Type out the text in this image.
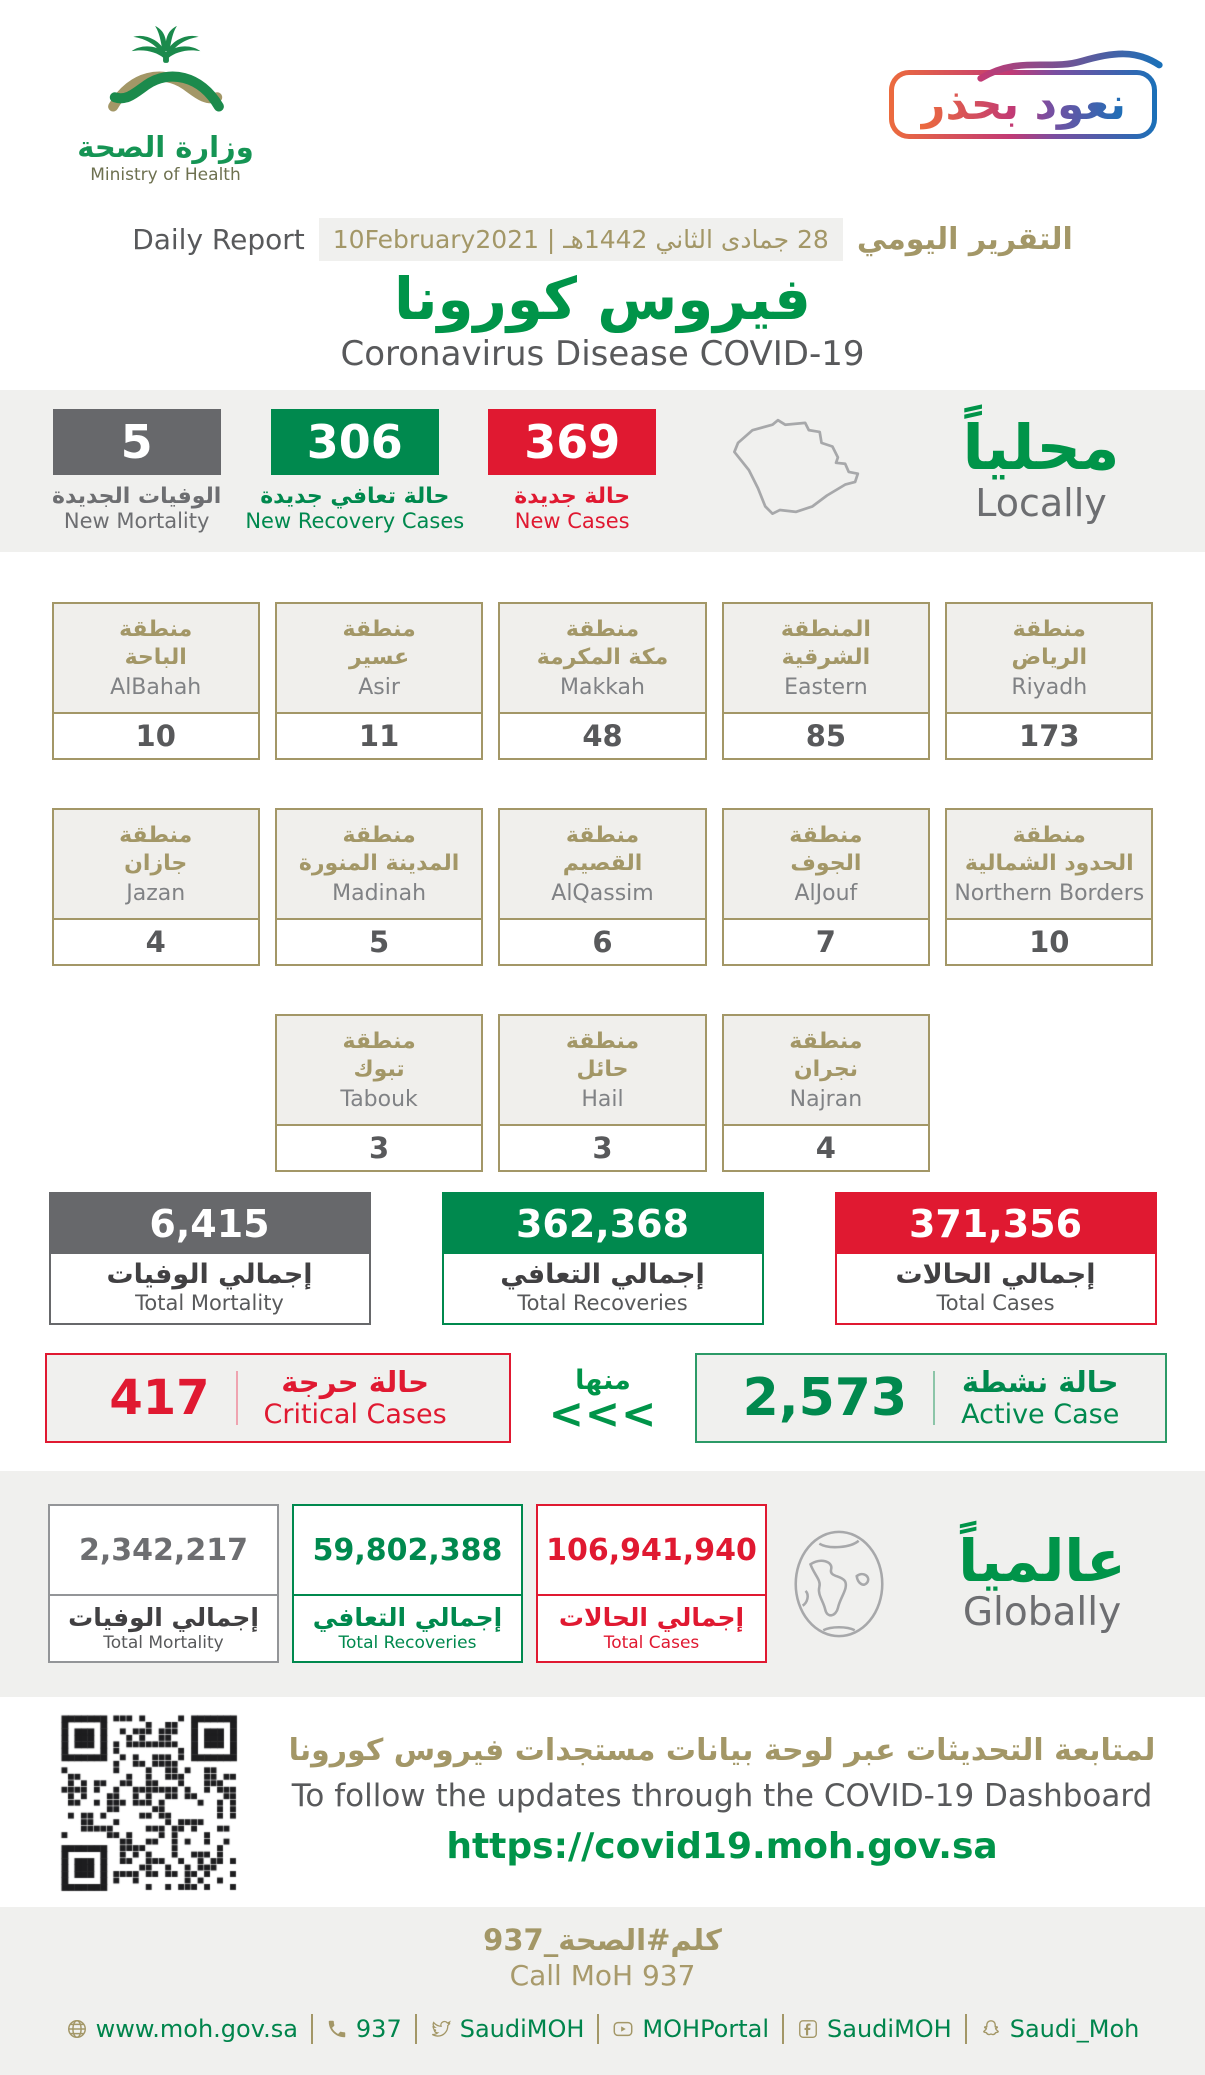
وزارة الصحة
Ministry of Health
نعود بحذر
Daily Report	28 جمادى الثاني 1442هـ | 10February2021 التقرير اليومي
فيروس كورونا
Coronavirus Disease COVID-19
5
الوفيات الجديدة
New Mortality
306
حالة تعافي جديدة
New Recovery Cases
369
حالة جديدة
New Cases
محلياً
Locally
منطقة
الباحة
AlBahah
10
منطقة
عسير
Asir
11
منطقة
مكة المكرمة
Makkah
48
المنطقة
الشرقية
Eastern
85
منطقة
الرياض
Riyadh
173
منطقة
جازان
Jazan
4
منطقة
المدينة المنورة
Madinah
5
منطقة
القصيم
AlQassim
6
منطقة
الجوف
AlJouf
7
منطقة
الحدود الشمالية
Northern Borders
10
منطقة
تبوك
Tabouk
3
منطقة
حائل
Hail
3
منطقة
نجران
Najran
4
6,415
إجمالي الوفيات
Total Mortality
362,368
إجمالي التعافي
Total Recoveries
371,356
إجمالي الحالات
Total Cases
417	حالة حرجة
Critical Cases
منها
<<<	2,573 حالة نشطة
Active Case
2,342,217
إجمالي الوفيات
Total Mortality
59,802,388
إجمالي التعافي
Total Recoveries
106,941,940
إجمالي الحالات
Total Cases
عالمياً
Globally
لمتابعة التحديثات عبر لوحة بيانات مستجدات فيروس كورونا
To follow the updates through the COVID-19 Dashboard
https://covid19.moh.gov.sa
كلم#الصحة_937
Call MoH 937
www.moh.gov.sa 937 SaudiMOH MOHPortal SaudiMOH Saudi_Moh
